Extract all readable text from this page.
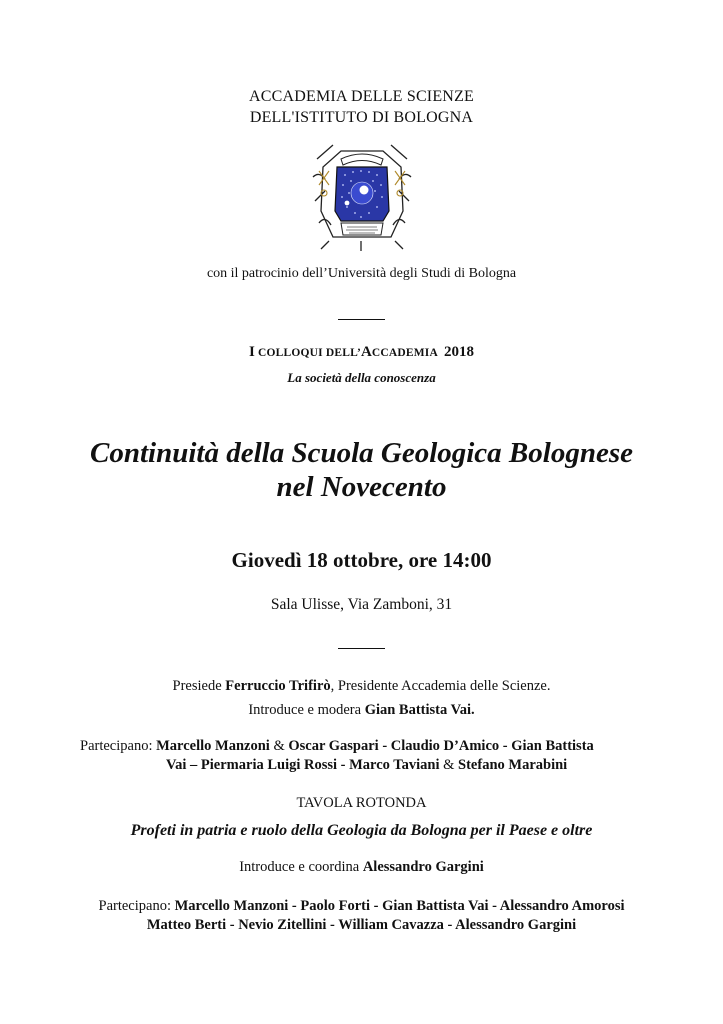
ACCADEMIA DELLE SCIENZE
DELL'ISTITUTO DI BOLOGNA
con il patrocinio dell’Università degli Studi di Bologna
I COLLOQUI DELL’ACCADEMIA 2018
La società della conoscenza
Continuità della Scuola Geologica Bolognese
nel Novecento
Giovedì 18 ottobre, ore 14:00
Sala Ulisse, Via Zamboni, 31
Presiede Ferruccio Trifirò, Presidente Accademia delle Scienze.
Introduce e modera Gian Battista Vai.
Partecipano: Marcello Manzoni & Oscar Gaspari - Claudio D’Amico - Gian Battista
Vai – Piermaria Luigi Rossi - Marco Taviani & Stefano Marabini
TAVOLA ROTONDA
Profeti in patria e ruolo della Geologia da Bologna per il Paese e oltre
Introduce e coordina Alessandro Gargini
Partecipano: Marcello Manzoni - Paolo Forti - Gian Battista Vai - Alessandro Amorosi
Matteo Berti - Nevio Zitellini - William Cavazza - Alessandro Gargini
